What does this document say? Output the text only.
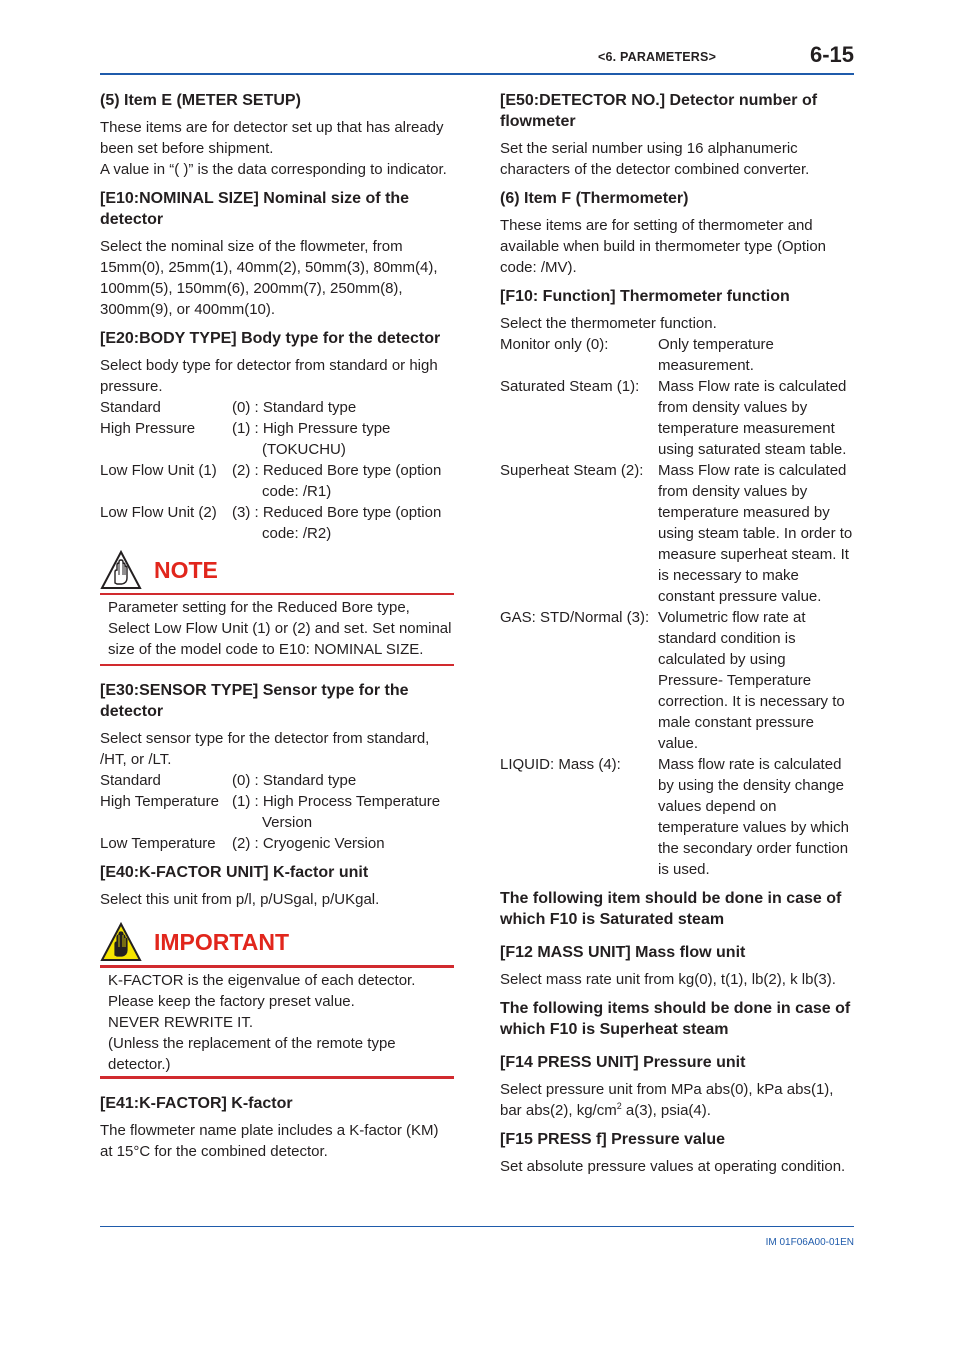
<6. PARAMETERS>	6-15
(5) Item E (METER SETUP)

These items are for detector set up that has already been set before shipment.

A value in “( )” is the data corresponding to indicator.

[E10:NOMINAL SIZE] Nominal size of the detector

Select the nominal size of the flowmeter, from 15mm(0), 25mm(1), 40mm(2), 50mm(3), 80mm(4), 100mm(5), 150mm(6), 200mm(7), 250mm(8), 300mm(9), or 400mm(10).

[E20:BODY TYPE] Body type for the detector

Select body type for detector from standard or high pressure.

Standard	(0) : Standard type
High Pressure	(1) : High Pressure type (TOKUCHU)
Low Flow Unit (1)	(2) : Reduced Bore type (option code: /R1)
Low Flow Unit (2)	(3) : Reduced Bore type (option code: /R2)
NOTE
Parameter setting for the Reduced Bore type, Select Low Flow Unit (1) or (2) and set. Set nominal size of the model code to E10: NOMINAL SIZE.
[E30:SENSOR TYPE] Sensor type for the detector

Select sensor type for the detector from standard, /HT, or /LT.

Standard	(0) : Standard type
High Temperature (1) : High Process Temperature Version
Low Temperature	(2) : Cryogenic Version
[E40:K-FACTOR UNIT] K-factor unit

Select this unit from p/l, p/USgal, p/UKgal.

IMPORTANT

K-FACTOR is the eigenvalue of each detector.

Please keep the factory preset value.

NEVER REWRITE IT.

(Unless the replacement of the remote type detector.)

[E41:K-FACTOR] K-factor

The flowmeter name plate includes a K-factor (KM) at 15°C for the combined detector.

[E50:DETECTOR NO.] Detector number of flowmeter

Set the serial number using 16 alphanumeric characters of the detector combined converter.

(6) Item F (Thermometer)

These items are for setting of thermometer and available when build in thermometer type (Option code: /MV).

[F10: Function] Thermometer function

Select the thermometer function.

Monitor only (0):	Only temperature measurement.
Saturated Steam (1):	Mass Flow rate is calculated from density values by temperature measurement using saturated steam table.
Superheat Steam (2): Mass Flow rate is calculated from density values by temperature measured by using steam table. In order to measure superheat steam. It is necessary to make constant pressure value.
GAS: STD/Normal (3): Volumetric flow rate at standard condition is calculated by using Pressure- Temperature correction. It is necessary to male constant pressure value.
LIQUID: Mass (4):	Mass flow rate is calculated by using the density change values depend on temperature values by which the secondary order function is used.
The following item should be done in case of which F10 is Saturated steam
[F12 MASS UNIT] Mass flow unit

Select mass rate unit from kg(0), t(1), lb(2), k lb(3).

The following items should be done in case of which F10 is Superheat steam
[F14 PRESS UNIT] Pressure unit

Select pressure unit from MPa abs(0), kPa abs(1), bar abs(2), $kg/cm^2$ a(3), psia(4).

[F15 PRESS f] Pressure value

Set absolute pressure values at operating condition.

IM 01F06A00-01EN
